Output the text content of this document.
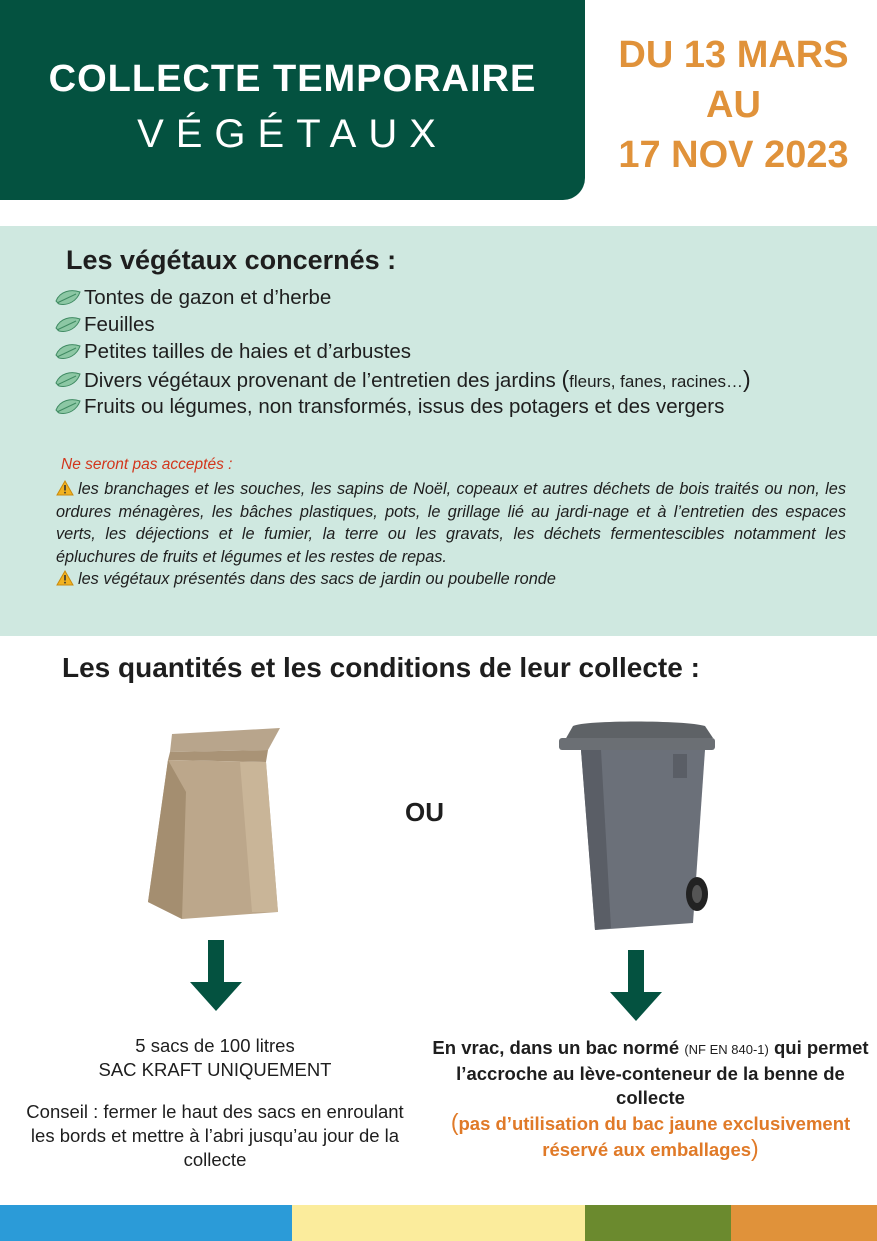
COLLECTE TEMPORAIRE
VÉGÉTAUX
DU 13 MARS
AU
17 NOV 2023
Les végétaux concernés :
Tontes de gazon et d’herbe
Feuilles
Petites tailles de haies et d’arbustes
Divers végétaux provenant de l’entretien des jardins (fleurs, fanes, racines…)
Fruits ou légumes, non transformés, issus des potagers et des vergers
Ne seront pas acceptés :
les branchages et les souches, les sapins de Noël, copeaux et autres déchets de bois traités ou non, les ordures ménagères, les bâches plastiques, pots, le grillage lié au jardi-nage et à l’entretien des espaces verts, les déjections et le fumier, la terre ou les gravats, les déchets fermentescibles notamment les épluchures de fruits et légumes et les restes de repas.
les végétaux présentés dans des sacs de jardin ou poubelle ronde
Les quantités et les conditions de leur collecte :
OU
5 sacs de 100 litres
SAC KRAFT UNIQUEMENT
Conseil : fermer le haut des sacs en enroulant les bords et mettre à l’abri jusqu’au jour de la collecte
En vrac, dans un bac normé (NF EN 840-1) qui permet l’accroche au lève-conteneur de la benne de collecte
(pas d’utilisation du bac jaune exclusivement réservé aux emballages)
